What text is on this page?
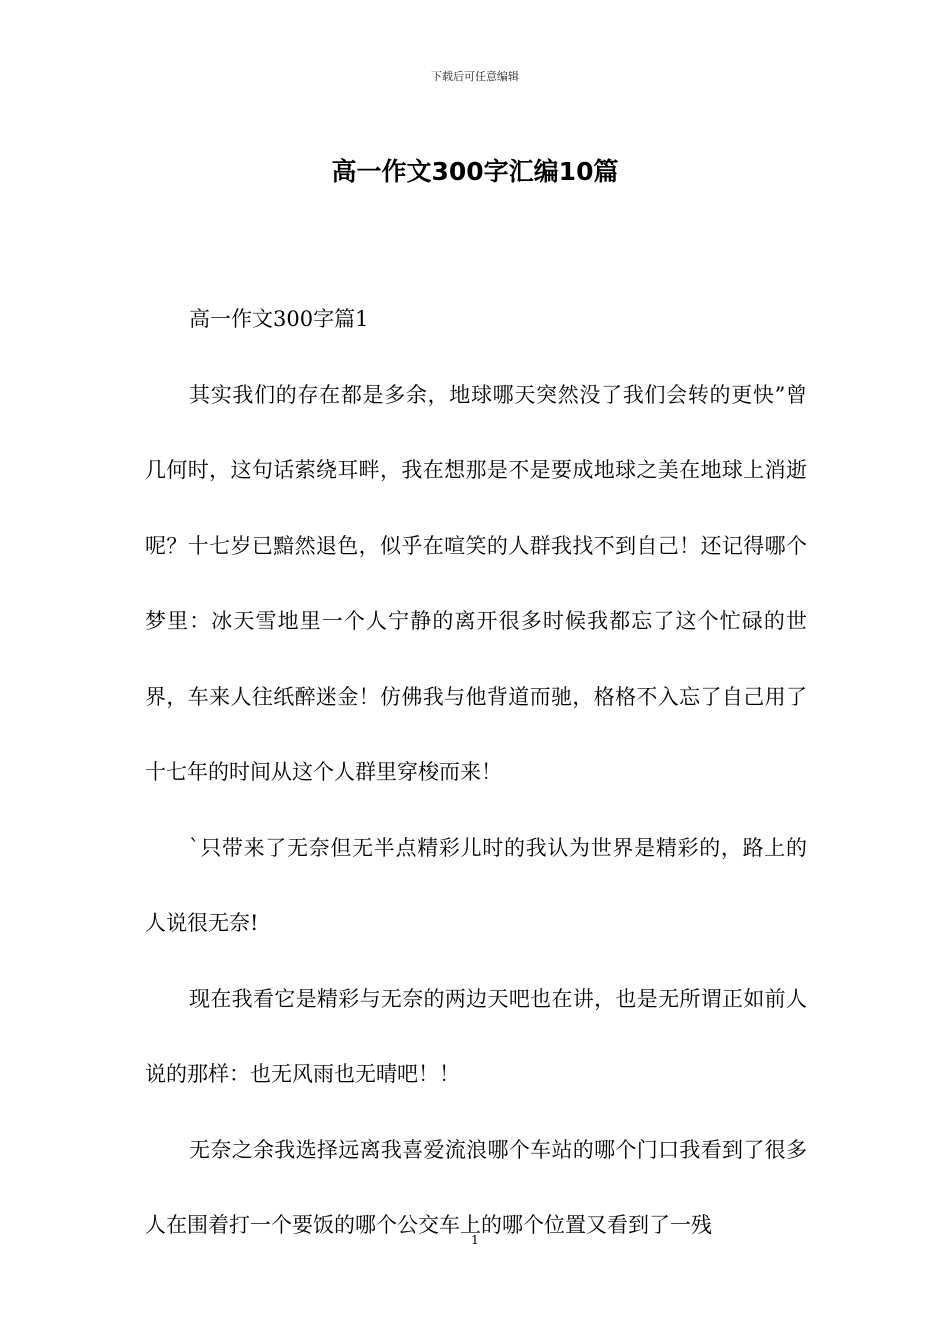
下载后可任意编辑
高一作文300字汇编10篇

高一作文300字篇1

其实我们的存在都是多余，地球哪天突然没了我们会转的更快”曾几何时，这句话萦绕耳畔，我在想那是不是要成地球之美在地球上消逝呢？十七岁已黯然退色，似乎在喧笑的人群我找不到自己！还记得哪个梦里：冰天雪地里一个人宁静的离开很多时候我都忘了这个忙碌的世界，车来人往纸醉迷金！仿佛我与他背道而驰，格格不入忘了自己用了十七年的时间从这个人群里穿梭而来！

`只带来了无奈但无半点精彩儿时的我认为世界是精彩的，路上的人说很无奈!

现在我看它是精彩与无奈的两边天吧也在讲，也是无所谓正如前人说的那样：也无风雨也无晴吧！！

无奈之余我选择远离我喜爱流浪哪个车站的哪个门口我看到了很多人在围着打一个要饭的哪个公交车上的哪个位置又看到了一残

1
